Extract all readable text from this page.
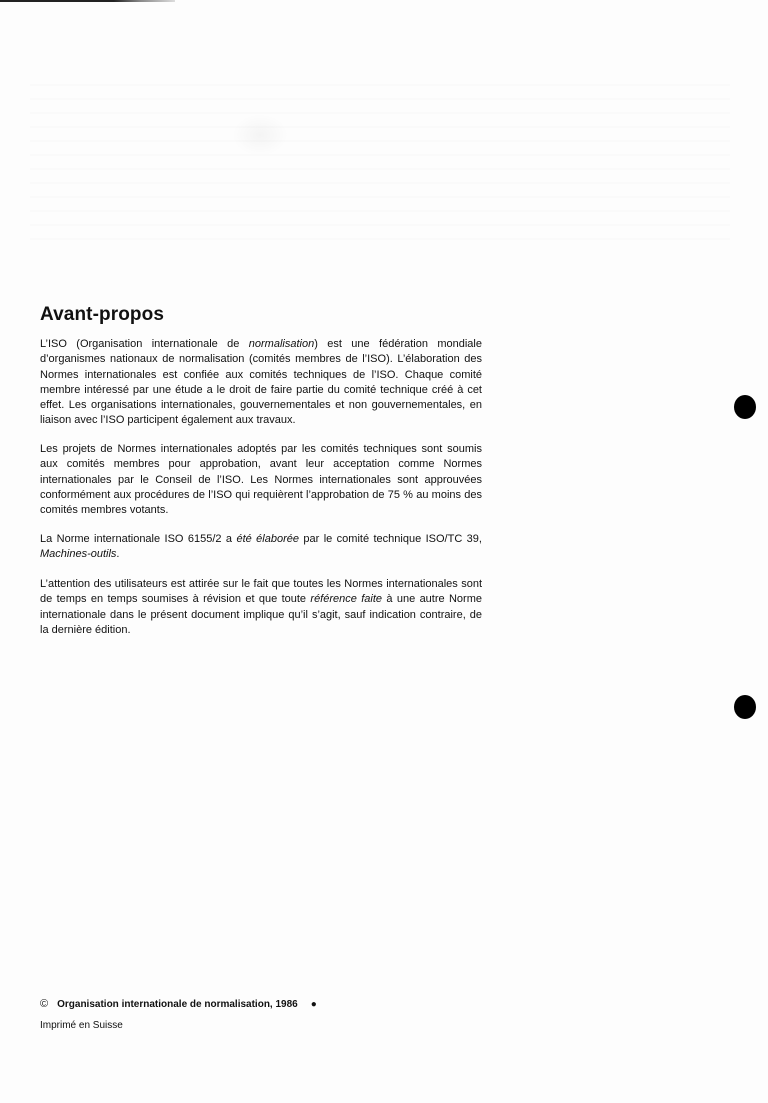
Avant-propos

L’ISO (Organisation internationale de normalisation) est une fédération mondiale d’organismes nationaux de normalisation (comités membres de l’ISO). L’élaboration des Normes internationales est confiée aux comités techniques de l’ISO. Chaque comité membre intéressé par une étude a le droit de faire partie du comité technique créé à cet effet. Les organisations internationales, gouvernementales et non gouvernementales, en liaison avec l’ISO participent également aux travaux.

Les projets de Normes internationales adoptés par les comités techniques sont soumis aux comités membres pour approbation, avant leur acceptation comme Normes internationales par le Conseil de l’ISO. Les Normes internationales sont approuvées conformément aux procédures de l’ISO qui requièrent l’approbation de 75 % au moins des comités membres votants.

La Norme internationale ISO 6155/2 a été élaborée par le comité technique ISO/TC 39, Machines-outils.

L’attention des utilisateurs est attirée sur le fait que toutes les Normes internationales sont de temps en temps soumises à révision et que toute référence faite à une autre Norme internationale dans le présent document implique qu’il s’agit, sauf indication contraire, de la dernière édition.

© Organisation internationale de normalisation, 1986 ●
Imprimé en Suisse
